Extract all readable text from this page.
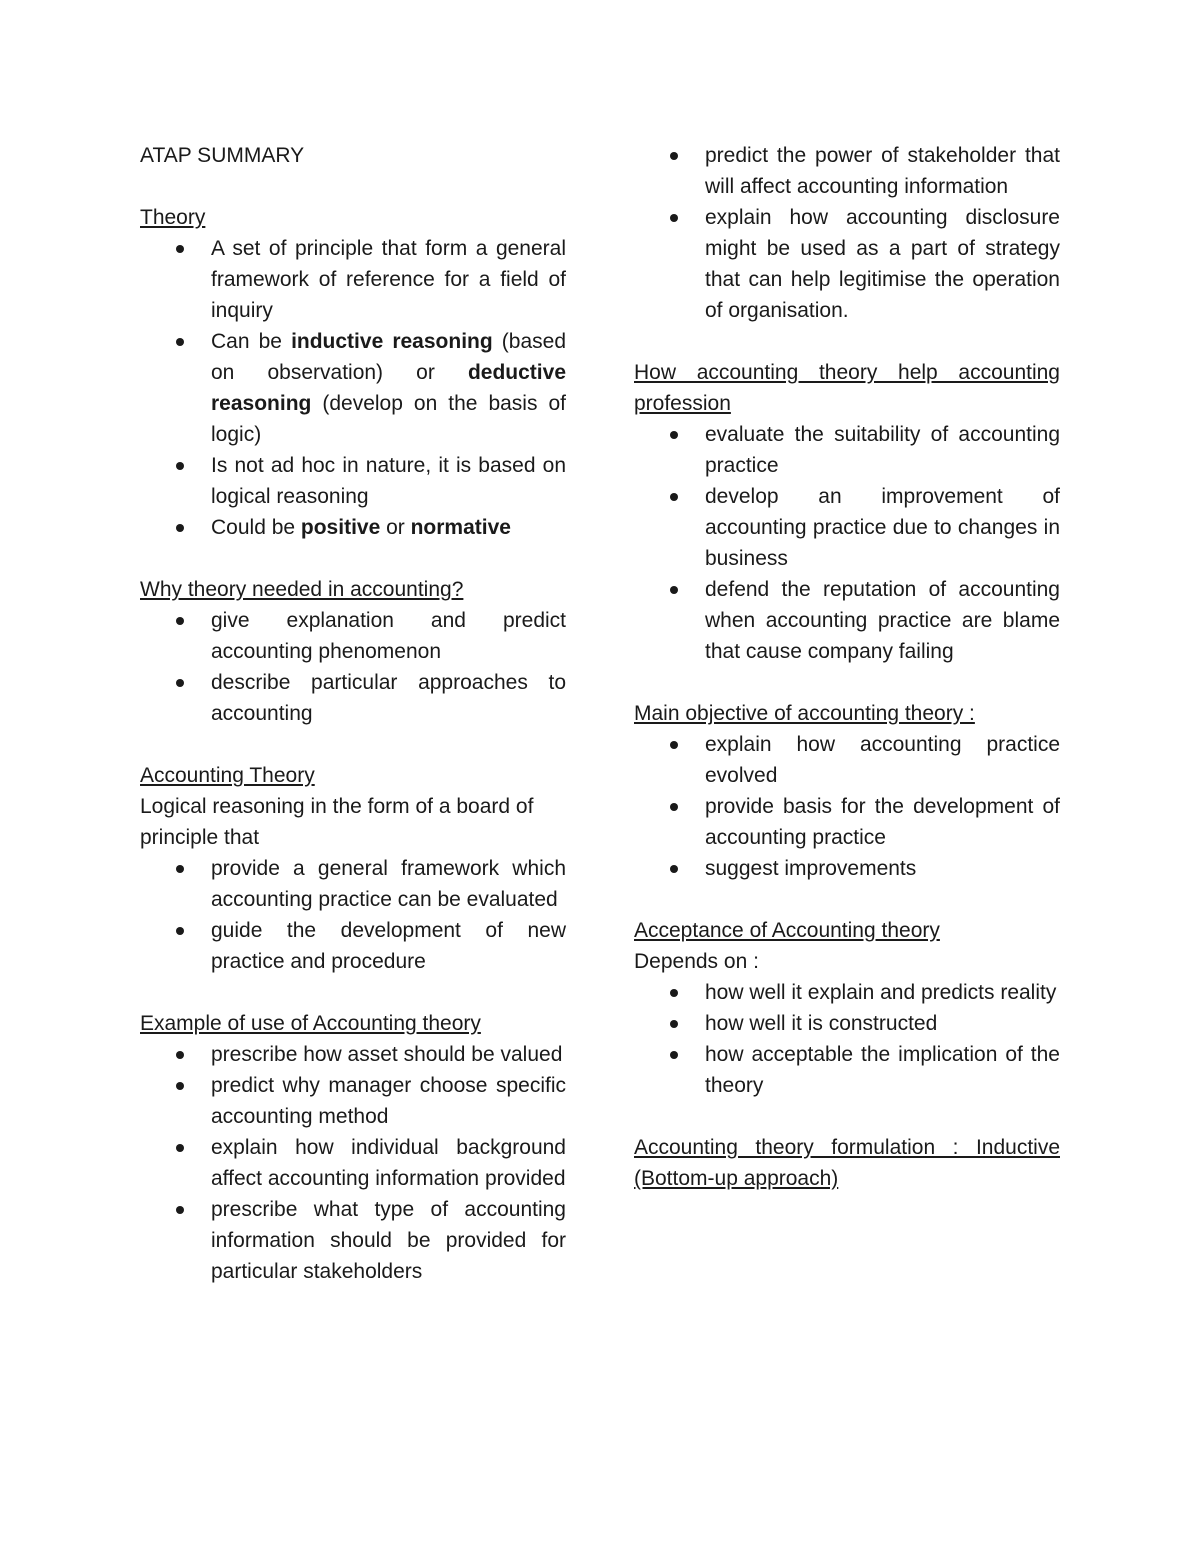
ATAP SUMMARY
Theory
A set of principle that form a general framework of reference for a field of inquiry
Can be inductive reasoning (based on observation) or deductive reasoning (develop on the basis of logic)
Is not ad hoc in nature, it is based on logical reasoning
Could be positive or normative
Why theory needed in accounting?
give explanation and predict accounting phenomenon
describe particular approaches to accounting
Accounting Theory
Logical reasoning in the form of a board of principle that
provide a general framework which accounting practice can be evaluated
guide the development of new practice and procedure
Example of use of Accounting theory
prescribe how asset should be valued
predict why manager choose specific accounting method
explain how individual background affect accounting information provided
prescribe what type of accounting information should be provided for particular stakeholders
predict the power of stakeholder that will affect accounting information
explain how accounting disclosure might be used as a part of strategy that can help legitimise the operation of organisation.
How accounting theory help accounting profession
evaluate the suitability of accounting practice
develop an improvement of accounting practice due to changes in business
defend the reputation of accounting when accounting practice are blame that cause company failing
Main objective of accounting theory :
explain how accounting practice evolved
provide basis for the development of accounting practice
suggest improvements
Acceptance of Accounting theory
Depends on :
how well it explain and predicts reality
how well it is constructed
how acceptable the implication of the theory
Accounting theory formulation : Inductive (Bottom-up approach)
